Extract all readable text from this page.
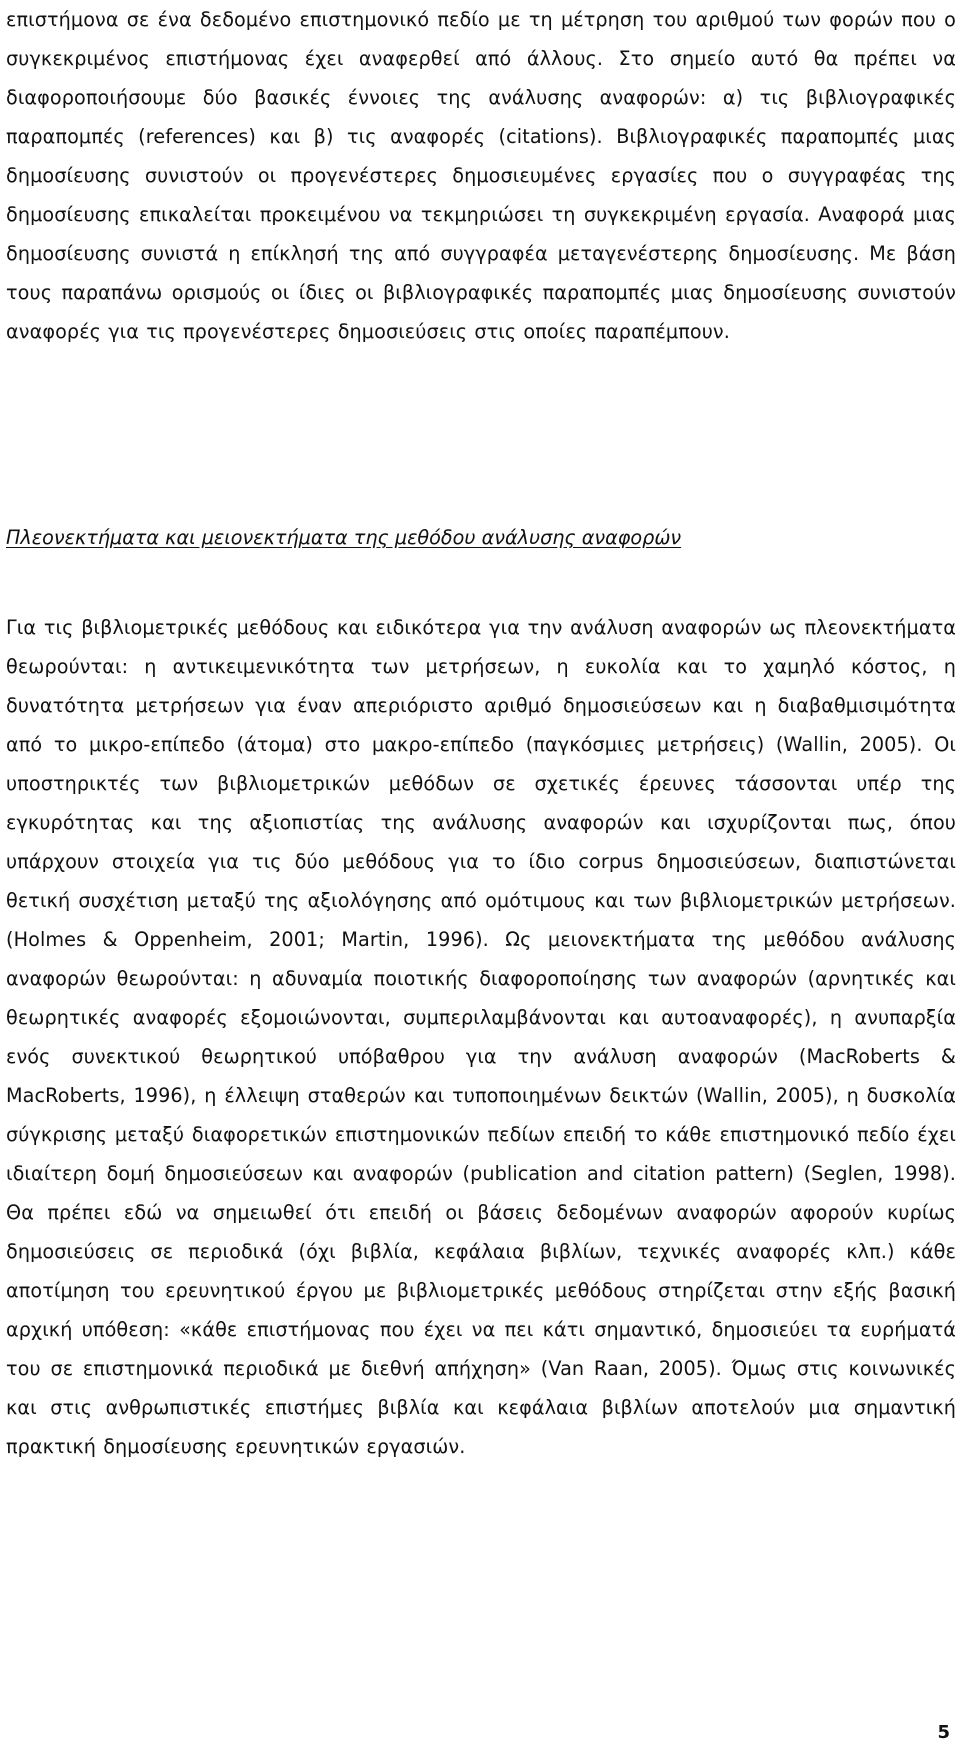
επιστήμονα σε ένα δεδομένο επιστημονικό πεδίο με τη μέτρηση του αριθμού των φορών που ο συγκεκριμένος επιστήμονας έχει αναφερθεί από άλλους. Στο σημείο αυτό θα πρέπει να διαφοροποιήσουμε δύο βασικές έννοιες της ανάλυσης αναφορών: α) τις βιβλιογραφικές παραπομπές (references) και β) τις αναφορές (citations). Βιβλιογραφικές παραπομπές μιας δημοσίευσης συνιστούν οι προγενέστερες δημοσιευμένες εργασίες που ο συγγραφέας της δημοσίευσης επικαλείται προκειμένου να τεκμηριώσει τη συγκεκριμένη εργασία. Αναφορά μιας δημοσίευσης συνιστά η επίκλησή της από συγγραφέα μεταγενέστερης δημοσίευσης. Με βάση τους παραπάνω ορισμούς οι ίδιες οι βιβλιογραφικές παραπομπές μιας δημοσίευσης συνιστούν αναφορές για τις προγενέστερες δημοσιεύσεις στις οποίες παραπέμπουν.

Πλεονεκτήματα και μειονεκτήματα της μεθόδου ανάλυσης αναφορών

Για τις βιβλιομετρικές μεθόδους και ειδικότερα για την ανάλυση αναφορών ως πλεονεκτήματα θεωρούνται: η αντικειμενικότητα των μετρήσεων, η ευκολία και το χαμηλό κόστος, η δυνατότητα μετρήσεων για έναν απεριόριστο αριθμό δημοσιεύσεων και η διαβαθμισιμότητα από το μικρο-επίπεδο (άτομα) στο μακρο-επίπεδο (παγκόσμιες μετρήσεις) (Wallin, 2005). Οι υποστηρικτές των βιβλιομετρικών μεθόδων σε σχετικές έρευνες τάσσονται υπέρ της εγκυρότητας και της αξιοπιστίας της ανάλυσης αναφορών και ισχυρίζονται πως, όπου υπάρχουν στοιχεία για τις δύο μεθόδους για το ίδιο corpus δημοσιεύσεων, διαπιστώνεται θετική συσχέτιση μεταξύ της αξιολόγησης από ομότιμους και των βιβλιομετρικών μετρήσεων. (Holmes & Oppenheim, 2001; Martin, 1996). Ως μειονεκτήματα της μεθόδου ανάλυσης αναφορών θεωρούνται: η αδυναμία ποιοτικής διαφοροποίησης των αναφορών (αρνητικές και θεωρητικές αναφορές εξομοιώνονται, συμπεριλαμβάνονται και αυτοαναφορές), η ανυπαρξία ενός συνεκτικού θεωρητικού υπόβαθρου για την ανάλυση αναφορών (MacRoberts & MacRoberts, 1996), η έλλειψη σταθερών και τυποποιημένων δεικτών (Wallin, 2005), η δυσκολία σύγκρισης μεταξύ διαφορετικών επιστημονικών πεδίων επειδή το κάθε επιστημονικό πεδίο έχει ιδιαίτερη δομή δημοσιεύσεων και αναφορών (publication and citation pattern) (Seglen, 1998). Θα πρέπει εδώ να σημειωθεί ότι επειδή οι βάσεις δεδομένων αναφορών αφορούν κυρίως δημοσιεύσεις σε περιοδικά (όχι βιβλία, κεφάλαια βιβλίων, τεχνικές αναφορές κλπ.) κάθε αποτίμηση του ερευνητικού έργου με βιβλιομετρικές μεθόδους στηρίζεται στην εξής βασική αρχική υπόθεση: «κάθε επιστήμονας που έχει να πει κάτι σημαντικό, δημοσιεύει τα ευρήματά του σε επιστημονικά περιοδικά με διεθνή απήχηση» (Van Raan, 2005). Όμως στις κοινωνικές και στις ανθρωπιστικές επιστήμες βιβλία και κεφάλαια βιβλίων αποτελούν μια σημαντική πρακτική δημοσίευσης ερευνητικών εργασιών.

5
